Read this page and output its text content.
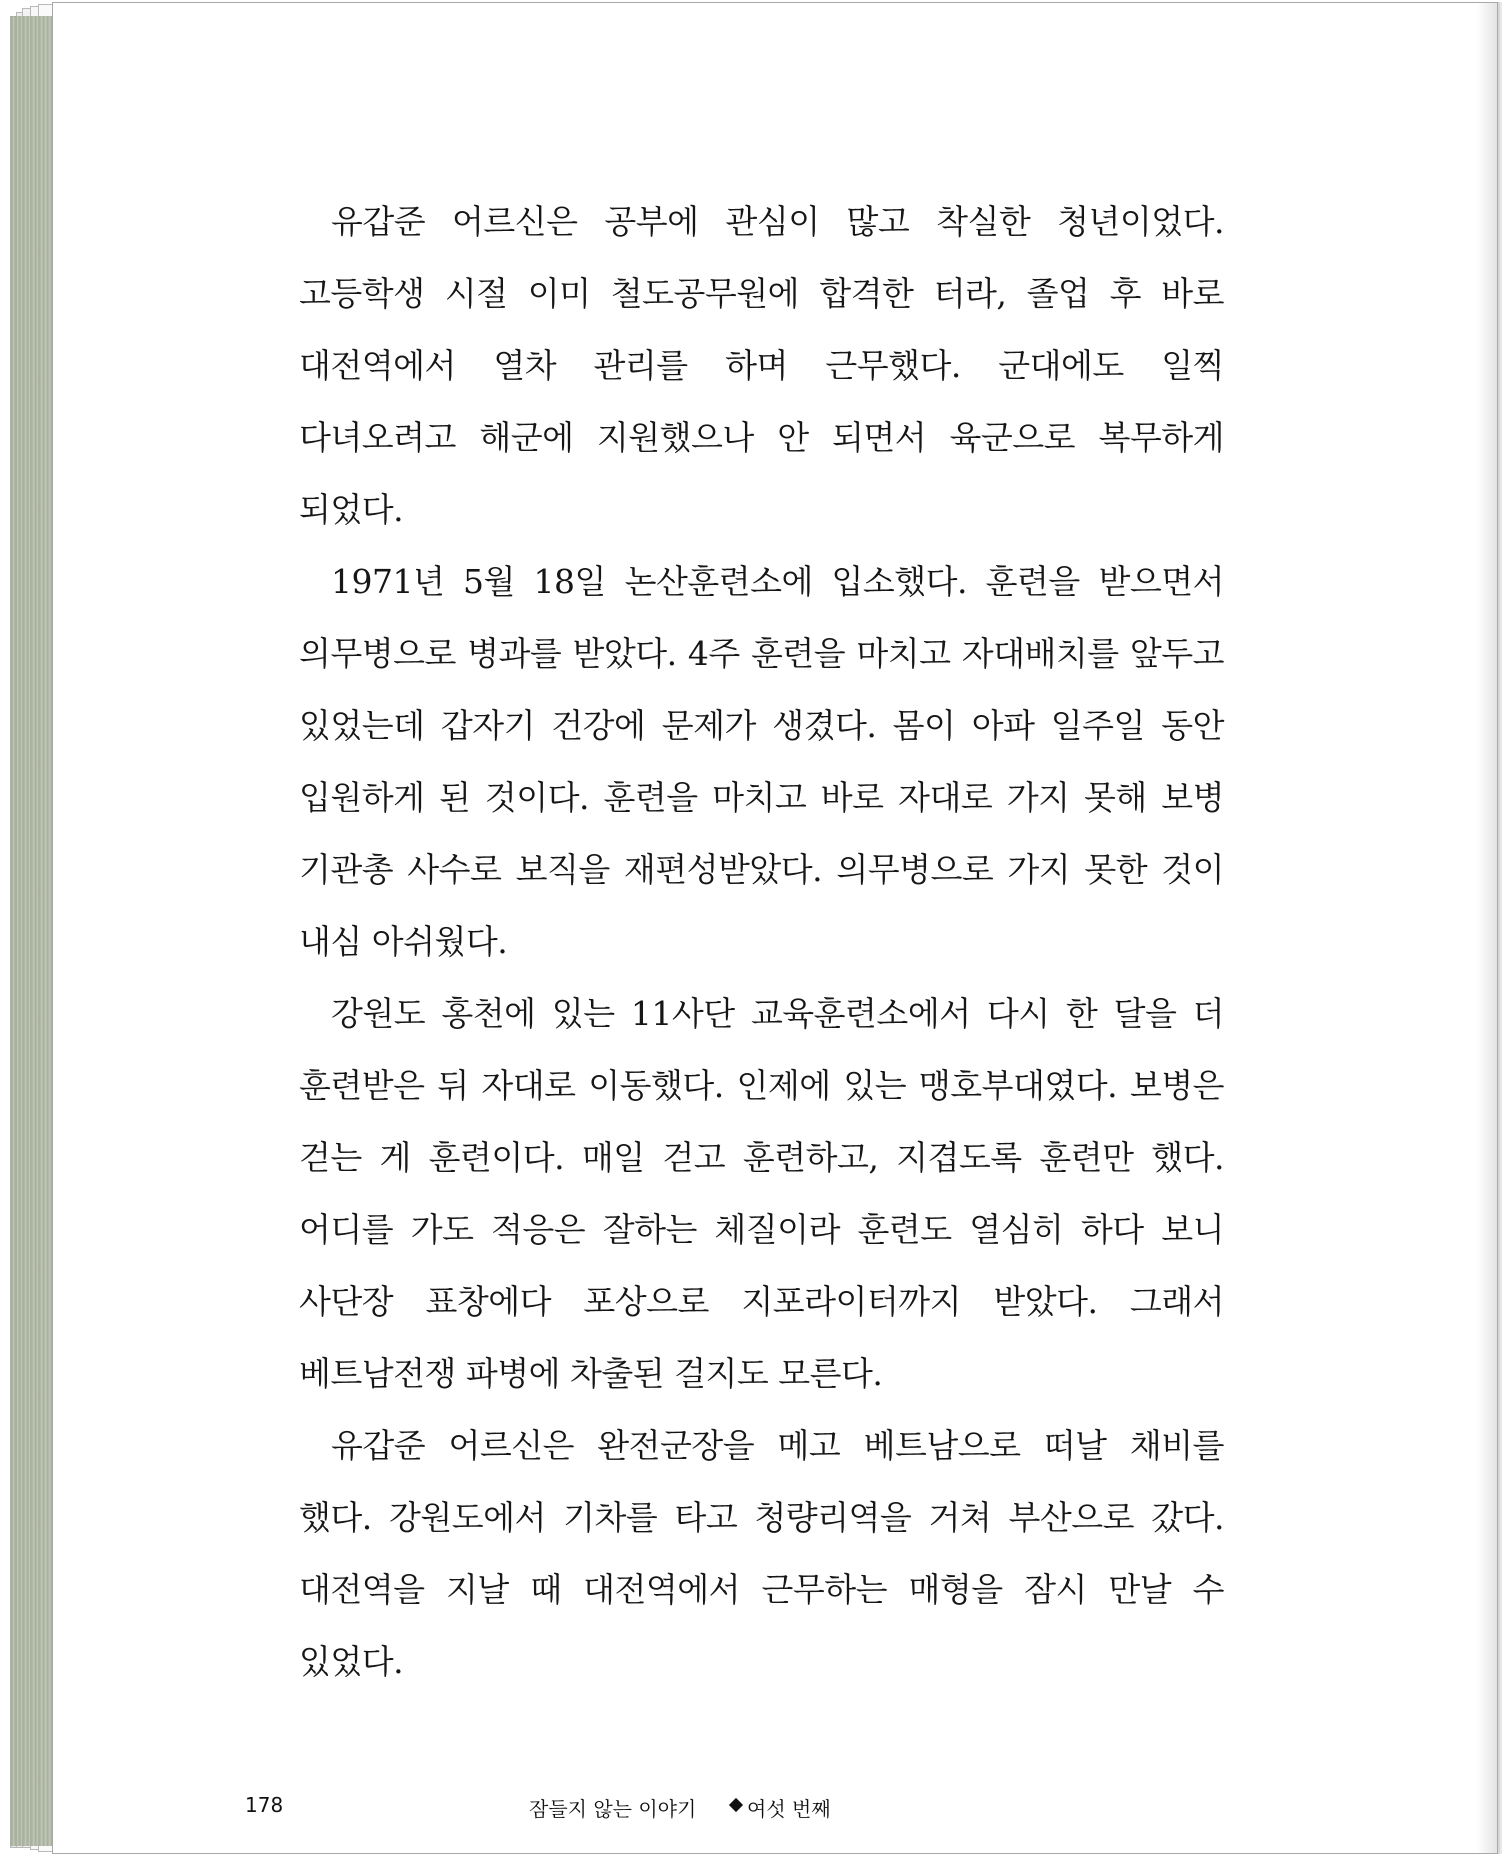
유갑준 어르신은 공부에 관심이 많고 착실한 청년이었다. 고등학생 시절 이미 철도공무원에 합격한 터라, 졸업 후 바로 대전역에서 열차 관리를 하며 근무했다. 군대에도 일찍 다녀오려고 해군에 지원했으나 안 되면서 육군으로 복무하게 되었다.

1971년 5월 18일 논산훈련소에 입소했다. 훈련을 받으면서 의무병으로 병과를 받았다. 4주 훈련을 마치고 자대배치를 앞두고 있었는데 갑자기 건강에 문제가 생겼다. 몸이 아파 일주일 동안 입원하게 된 것이다. 훈련을 마치고 바로 자대로 가지 못해 보병 기관총 사수로 보직을 재편성받았다. 의무병으로 가지 못한 것이 내심 아쉬웠다.

강원도 홍천에 있는 11사단 교육훈련소에서 다시 한 달을 더 훈련받은 뒤 자대로 이동했다. 인제에 있는 맹호부대였다. 보병은 걷는 게 훈련이다. 매일 걷고 훈련하고, 지겹도록 훈련만 했다. 어디를 가도 적응은 잘하는 체질이라 훈련도 열심히 하다 보니 사단장 표창에다 포상으로 지포라이터까지 받았다. 그래서 베트남전쟁 파병에 차출된 걸지도 모른다.

유갑준 어르신은 완전군장을 메고 베트남으로 떠날 채비를 했다. 강원도에서 기차를 타고 청량리역을 거쳐 부산으로 갔다. 대전역을 지날 때 대전역에서 근무하는 매형을 잠시 만날 수 있었다.

178	잠들지 않는 이야기	여섯 번째
